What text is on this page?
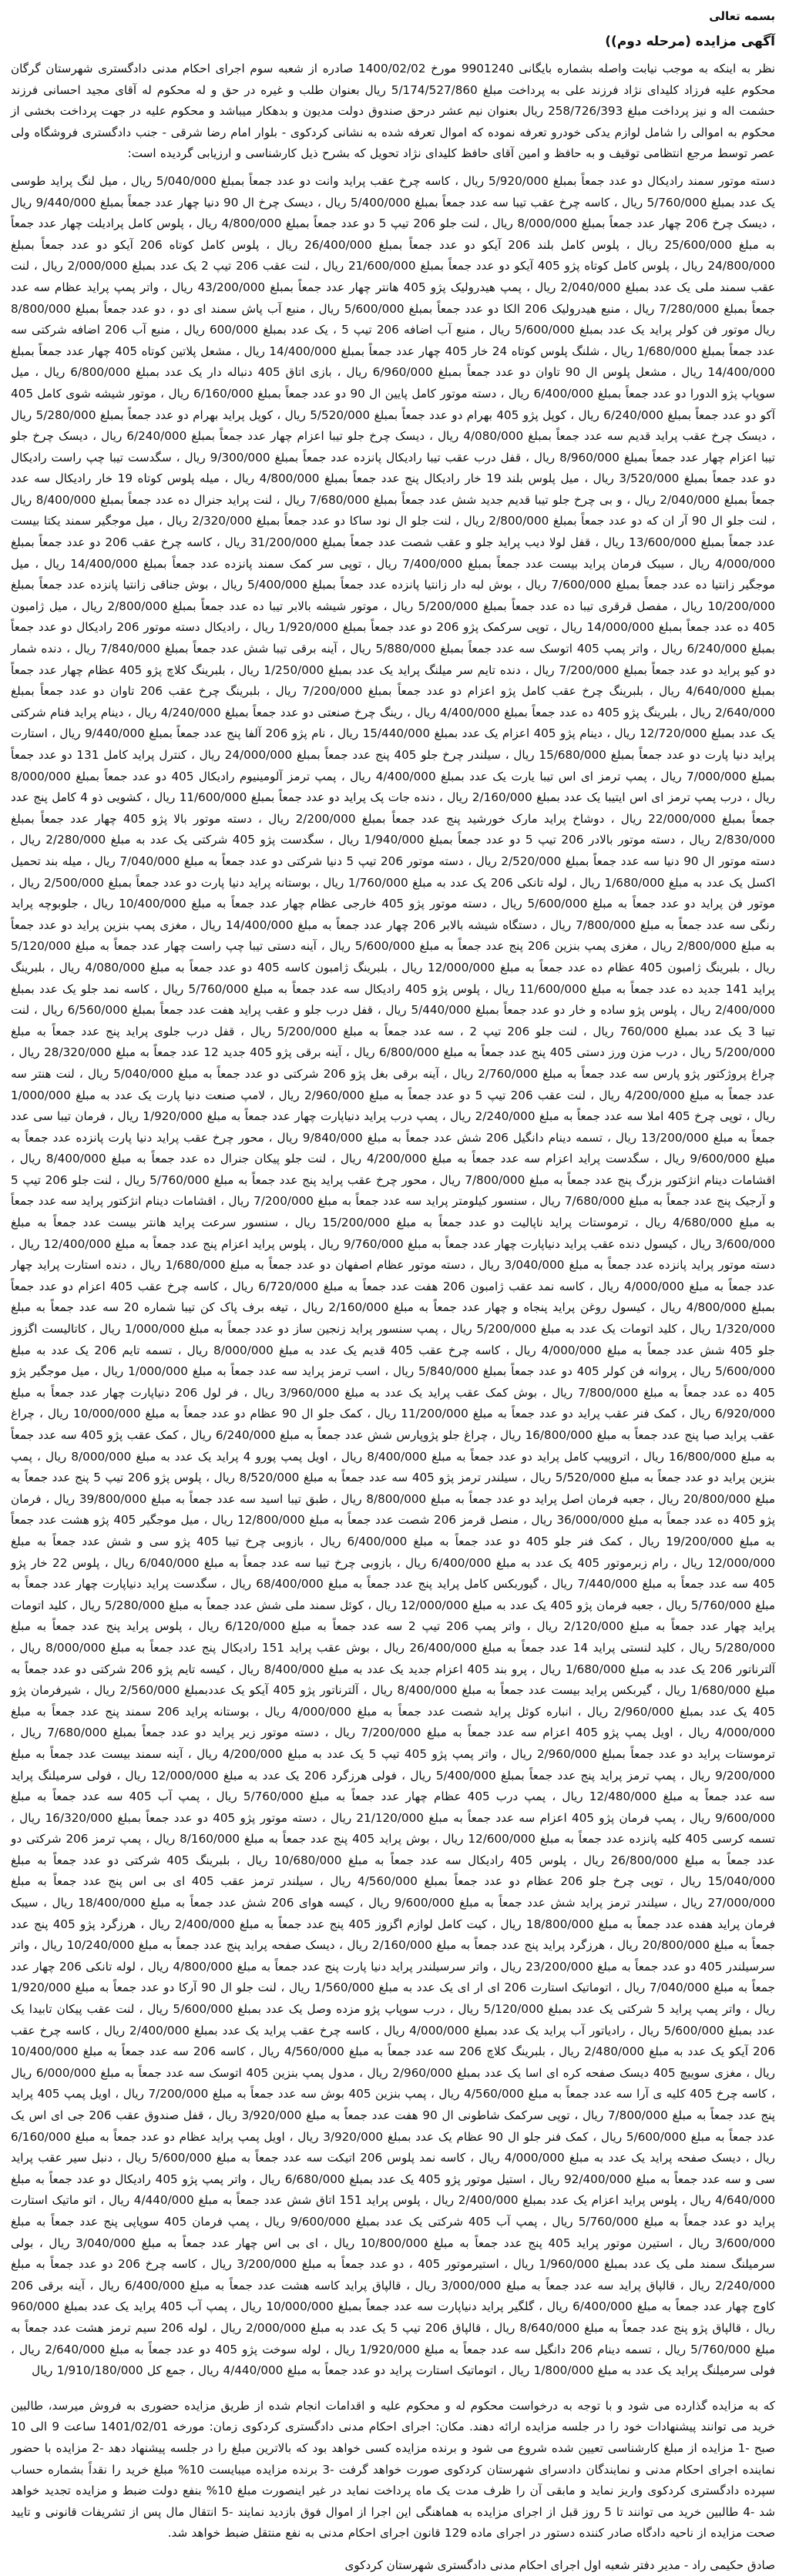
بسمه تعالی
آگهی مزایده (مرحله دوم))

نظر به اینکه به موجب نیابت واصله بشماره بایگانی 9901240 مورخ 1400/02/02 صادره از شعبه سوم اجرای احکام مدنی دادگستری شهرستان گرگان محکوم علیه فرزاد کلیدای نژاد فرزند علی به پرداخت مبلغ 5/174/527/860 ریال بعنوان طلب و غیره در حق و له محکوم له آقای مجید احسانی فرزند حشمت اله و نیز پرداخت مبلغ 258/726/393 ریال بعنوان نیم عشر درحق صندوق دولت مدیون و بدهکار میباشد و محکوم علیه در جهت پرداخت بخشی از محکوم به اموالی را شامل لوازم یدکی خودرو تعرفه نموده که اموال تعرفه شده به نشانی کردکوی - بلوار امام رضا شرقی - جنب دادگستری فروشگاه ولی عصر توسط مرجع انتظامی توقیف و به حافظ و امین آقای حافظ کلیدای نژاد تحویل که بشرح ذیل کارشناسی و ارزیابی گردیده است:

دسته موتور سمند رادیکال دو عدد جمعاً بمبلغ 5/920/000 ریال ، کاسه چرخ عقب پراید وانت دو عدد جمعاً بمبلغ 5/040/000 ریال ، میل لنگ پراید طوسی یک عدد بمبلغ 5/760/000 ریال ، کاسه چرخ عقب تیبا سه عدد جمعاً بمبلغ 5/400/000 ریال ، دیسک چرخ ال 90 دنیا چهار عدد جمعاً بمبلغ 9/440/000 ریال ، دیسک چرخ 206 چهار عدد جمعاً بمبلغ 8/000/000 ریال ، لنت جلو 206 تیپ 5 دو عدد جمعاً بمبلغ 4/800/000 ریال ، پلوس کامل پرادیلت چهار عدد جمعاً به مبلغ 25/600/000 ریال ، پلوس کامل بلند 206 آیکو دو عدد جمعاً بمبلغ 26/400/000 ریال ، پلوس کامل کوتاه 206 آیکو دو عدد جمعاً بمبلغ 24/800/000 ریال ، پلوس کامل کوتاه پژو 405 آیکو دو عدد جمعاً بمبلغ 21/600/000 ریال ، لنت عقب 206 تیپ 2 یک عدد بمبلغ 2/000/000 ریال ، لنت عقب سمند ملی یک عدد بمبلغ 2/040/000 ریال ، پمپ هیدرولیک پژو 405 هانتر چهار عدد جمعاً بمبلغ 43/200/000 ریال ، واتر پمپ پراید عظام سه عدد جمعاً بمبلغ 7/280/000 ریال ، منبع هیدرولیک 206 الکا دو عدد جمعاً بمبلغ 5/600/000 ریال ، منبع آب پاش سمند ای دو ، دو عدد جمعاً بمبلغ 8/800/000 ریال موتور فن کولر پراید یک عدد بمبلغ 5/600/000 ریال ، منبع آب اضافه 206 تیپ 5 ، یک عدد بمبلغ 600/000 ریال ، منبع آب 206 اضافه شرکتی سه عدد جمعاً بمبلغ 1/680/000 ریال ، شلنگ پلوس کوتاه 24 خار 405 چهار عدد جمعاً بمبلغ 14/400/000 ریال ، مشعل پلاتین کوتاه 405 چهار عدد جمعاً بمبلغ 14/400/000 ریال ، مشعل پلوس ال 90 تاوان دو عدد جمعاً بمبلغ 6/960/000 ریال ، بازی اتاق 405 دنباله دار یک عدد بمبلغ 6/800/000 ریال ، میل سوپاپ پژو الدورا دو عدد جمعاً بمبلغ 6/400/000 ریال ، دسته موتور کامل پایین ال 90 دو عدد جمعاً بمبلغ 6/160/000 ریال ، موتور شیشه شوی کامل 405 آکو دو عدد جمعاً بمبلغ 6/240/000 ریال ، کوپل پژو 405 بهرام دو عدد جمعاً بمبلغ 5/520/000 ریال ، کوپل پراید بهرام دو عدد جمعاً بمبلغ 5/280/000 ریال ، دیسک چرخ عقب پراید قدیم سه عدد جمعاً بمبلغ 4/080/000 ریال ، دیسک چرخ جلو تیبا اعزام چهار عدد جمعاً بمبلغ 6/240/000 ریال ، دیسک چرخ جلو تیبا اعزام چهار عدد جمعاً بمبلغ 8/960/000 ریال ، قفل درب عقب تیبا رادیکال پانزده عدد جمعاً بمبلغ 9/300/000 ریال ، سگدست تیبا چپ راست رادیکال دو عدد جمعاً بمبلغ 3/520/000 ریال ، میل پلوس بلند 19 خار رادیکال پنج عدد جمعاً بمبلغ 4/800/000 ریال ، میله پلوس کوتاه 19 خار رادیکال سه عدد جمعاً بمبلغ 2/040/000 ریال ، و بی چرخ جلو تیبا قدیم جدید شش عدد جمعاً بمبلغ 7/680/000 ریال ، لنت پراید جنرال ده عدد جمعاً بمبلغ 8/400/000 ریال ، لنت جلو ال 90 آر ان که دو عدد جمعاً بمبلغ 2/800/000 ریال ، لنت جلو ال نود ساکا دو عدد جمعاً بمبلغ 2/320/000 ریال ، میل موجگیر سمند یکتا بیست عدد جمعاً بمبلغ 13/600/000 ریال ، قفل لولا دیب پراید جلو و عقب شصت عدد جمعاً بمبلغ 31/200/000 ریال ، کاسه چرخ عقب 206 دو عدد جمعاً بمبلغ 4/000/000 ریال ، سیبک فرمان پراید بیست عدد جمعاً بمبلغ 7/400/000 ریال ، توپی سر کمک سمند پانزده عدد جمعاً بمبلغ 14/400/000 ریال ، میل موجگیر زانتیا ده عدد جمعاً بمبلغ 7/600/000 ریال ، بوش لبه دار زانتیا پانزده عدد جمعاً بمبلغ 5/400/000 ریال ، بوش جناقی زانتیا پانزده عدد جمعاً بمبلغ 10/200/000 ریال ، مفصل قرقری تیبا ده عدد جمعاً بمبلغ 5/200/000 ریال ، موتور شیشه بالابر تیبا ده عدد جمعاً بمبلغ 2/800/000 ریال ، میل ژامبون 405 ده عدد جمعاً بمبلغ 14/000/000 ریال ، توپی سرکمک پژو 206 دو عدد جمعاً بمبلغ 1/920/000 ریال ، رادیکال دسته موتور 206 رادیکال دو عدد جمعاً بمبلغ 6/240/000 ریال ، واتر پمپ 405 اتوسک سه عدد جمعاً بمبلغ 5/880/000 ریال ، آینه برقی تیبا شش عدد جمعاً بمبلغ 7/840/000 ریال ، دنده شمار دو کیو پراید دو عدد جمعاً بمبلغ 7/200/000 ریال ، دنده تایم سر میلنگ پراید یک عدد بمبلغ 1/250/000 ریال ، بلبرینگ کلاچ پژو 405 عظام چهار عدد جمعاً بمبلغ 4/640/000 ریال ، بلبرینگ چرخ عقب کامل پژو اعزام دو عدد جمعاً بمبلغ 7/200/000 ریال ، بلبرینگ چرخ عقب 206 تاوان دو عدد جمعاً بمبلغ 2/640/000 ریال ، بلبرینگ پژو 405 ده عدد جمعاً بمبلغ 4/400/000 ریال ، رینگ چرخ صنعتی دو عدد جمعاً بمبلغ 4/240/000 ریال ، دینام پراید فنام شرکتی یک عدد بمبلغ 12/720/000 ریال ، دینام پژو 405 اعزام یک عدد بمبلغ 15/440/000 ریال ، نام پژو 206 آلفا پنج عدد جمعاً بمبلغ 9/440/000 ریال ، استارت پراید دنیا پارت دو عدد جمعاً بمبلغ 15/680/000 ریال ، سیلندر چرخ جلو 405 پنج عدد جمعاً بمبلغ 24/000/000 ریال ، کنترل پراید کامل 131 دو عدد جمعاً بمبلغ 7/000/000 ریال ، پمپ ترمز ای اس تیبا یارت یک عدد بمبلغ 4/400/000 ریال ، پمپ ترمز آلومینیوم رادیکال 405 دو عدد جمعاً بمبلغ 8/000/000 ریال ، درب پمپ ترمز ای اس ایتیبا یک عدد بمبلغ 2/160/000 ریال ، دنده جات پک پراید دو عدد جمعاً بمبلغ 11/600/000 ریال ، کشویی ذو 4 کامل پنج عدد جمعاً بمبلغ 22/000/000 ریال ، دوشاخ پراید مارک خورشید پنج عدد جمعاً بمبلغ 2/200/000 ریال ، دسته موتور بالا پژو 405 چهار عدد جمعاً بمبلغ 2/830/000 ریال ، دسته موتور بالادر 206 تیپ 5 دو عدد جمعاً بمبلغ 1/940/000 ریال ، سگدست پژو 405 شرکتی یک عدد به مبلغ 2/280/000 ریال ، دسته موتور ال 90 دنیا سه عدد جمعاً بمبلغ 2/520/000 ریال ، دسته موتور 206 تیپ 5 دنیا شرکتی دو عدد جمعاً به مبلغ 7/040/000 ریال ، میله بند تحمیل اکسل یک عدد به مبلغ 1/680/000 ریال ، لوله تانکی 206 یک عدد به مبلغ 1/760/000 ریال ، بوستانه پراید دنیا پارت دو عدد جمعاً بمبلغ 2/500/000 ریال ، موتور فن پراید دو عدد جمعاً به مبلغ 5/600/000 ریال ، دسته موتور پژو 405 خارجی عظام چهار عدد جمعاً به مبلغ 10/400/000 ریال ، جلوبوچه پراید رنگی سه عدد جمعاً به مبلغ 7/800/000 ریال ، دستگاه شیشه بالابر 206 چهار عدد جمعاً به مبلغ 14/400/000 ریال ، مغزی پمپ بنزین پراید دو عدد جمعاً به مبلغ 2/800/000 ریال ، مغزی پمپ بنزین 206 پنج عدد جمعاً به مبلغ 5/600/000 ریال ، آینه دستی تیبا چپ راست چهار عدد جمعاً به مبلغ 5/120/000 ریال ، بلبرینگ ژامبون 405 عظام ده عدد جمعاً به مبلغ 12/000/000 ریال ، بلبرینگ ژامبون کاسه 405 دو عدد جمعاً به مبلغ 4/080/000 ریال ، بلبرینگ پراید 141 جدید ده عدد جمعاً به مبلغ 11/600/000 ریال ، پلوس پژو 405 رادیکال سه عدد جمعاً به مبلغ 5/760/000 ریال ، کاسه نمد جلو یک عدد بمبلغ 2/400/000 ریال ، پلوس پژو ساده و خار دو عدد جمعاً بمبلغ 5/440/000 ریال ، قفل درب جلو و عقب پراید هفت عدد جمعاً بمبلغ 6/560/000 ریال ، لنت تیبا 3 یک عدد بمبلغ 760/000 ریال ، لنت جلو 206 تیپ 2 ، سه عدد جمعاً به مبلغ 5/200/000 ریال ، قفل درب جلوی پراید پنج عدد جمعاً به مبلغ 5/200/000 ریال ، درب مزن ورز دستی 405 پنج عدد جمعاً به مبلغ 6/800/000 ریال ، آینه برقی پژو 405 جدید 12 عدد جمعاً به مبلغ 28/320/000 ریال ، چراغ پروژکتور پژو پارس سه عدد جمعاً به مبلغ 2/760/000 ریال ، آینه برقی بغل پژو 206 شرکتی دو عدد جمعاً به مبلغ 5/040/000 ریال ، لنت هنتر سه عدد جمعاً به مبلغ 4/200/000 ریال ، لنت عقب 206 تیپ 5 دو عدد جمعاً به مبلغ 2/960/000 ریال ، لامپ صنعت دنیا پارت یک عدد به مبلغ 1/000/000 ریال ، توپی چرخ 405 املا سه عدد جمعاً به مبلغ 2/240/000 ریال ، پمپ درب پراید دنیاپارت چهار عدد جمعاً به مبلغ 1/920/000 ریال ، فرمان تیبا سی عدد جمعاً به مبلغ 13/200/000 ریال ، تسمه دینام دانگیل 206 شش عدد جمعاً به مبلغ 9/840/000 ریال ، محور چرخ عقب پراید دنیا پارت پانزده عدد جمعاً به مبلغ 9/600/000 ریال ، سگدست پراید اعزام سه عدد جمعاً به مبلغ 4/200/000 ریال ، لنت جلو پیکان جنرال ده عدد جمعاً به مبلغ 8/400/000 ریال ، اقشامات دینام انژکتور بزرگ پنج عدد جمعاً به مبلغ 7/800/000 ریال ، محور چرخ عقب پراید پنج عدد جمعاً به مبلغ 5/760/000 ریال ، لنت جلو 206 تیپ 5 و آرجیک پنج عدد جمعاً به مبلغ 7/680/000 ریال ، سنسور کیلومتر پراید سه عدد جمعاً به مبلغ 7/200/000 ریال ، اقشامات دینام انژکتور پراید سه عدد جمعاً به مبلغ 4/680/000 ریال ، ترموستات پراید ناپالیت دو عدد جمعاً به مبلغ 15/200/000 ریال ، سنسور سرعت پراید هانتر بیست عدد جمعاً به مبلغ 3/600/000 ریال ، کیسول دنده عقب پراید دنیاپارت چهار عدد جمعاً به مبلغ 9/760/000 ریال ، پلوس پراید اعزام پنج عدد جمعاً به مبلغ 12/400/000 ریال ، دسته موتور پراید پانزده عدد جمعاً به مبلغ 3/040/000 ریال ، دسته موتور عظام اصفهان دو عدد جمعاً به مبلغ 1/680/000 ریال ، دنده استارت پراید چهار عدد جمعاً به مبلغ 4/000/000 ریال ، کاسه نمد عقب ژامبون 206 هفت عدد جمعاً به مبلغ 6/720/000 ریال ، کاسه چرخ عقب 405 اعزام دو عدد جمعاً بمبلغ 4/800/000 ریال ، کیسول روغن پراید پنجاه و چهار عدد جمعاً به مبلغ 2/160/000 ریال ، تیغه برف پاک کن تیبا شماره 20 سه عدد جمعاً به مبلغ 1/320/000 ریال ، کلید اتومات یک عدد به مبلغ 5/200/000 ریال ، پمپ سنسور پراید زنجین ساز دو عدد جمعاً به مبلغ 1/000/000 ریال ، کاتالیست اگزوز جلو 405 شش عدد جمعاً به مبلغ 4/000/000 ریال ، کاسه چرخ عقب 405 قدیم یک عدد به مبلغ 8/000/000 ریال ، تسمه تایم 206 یک عدد به مبلغ 5/600/000 ریال ، پروانه فن کولر 405 دو عدد جمعاً بمبلغ 5/840/000 ریال ، اسب ترمز پراید سه عدد جمعاً به مبلغ 1/000/000 ریال ، میل موجگیر پژو 405 ده عدد جمعاً به مبلغ 7/800/000 ریال ، بوش کمک عقب پراید یک عدد به مبلغ 3/960/000 ریال ، فر لول 206 دنیاپارت چهار عدد جمعاً به مبلغ 6/920/000 ریال ، کمک فنر عقب پراید دو عدد جمعاً به مبلغ 11/200/000 ریال ، کمک جلو ال 90 عظام دو عدد جمعاً به مبلغ 10/000/000 ریال ، چراغ عقب پراید صبا پنج عدد جمعاً به مبلغ 16/800/000 ریال ، چراغ جلو پژوپارس شش عدد جمعاً به مبلغ 6/240/000 ریال ، کمک عقب پژو 405 سه عدد جمعاً به مبلغ 16/800/000 ریال ، اتروپیپ کامل پراید دو عدد جمعاً به مبلغ 8/400/000 ریال ، اویل پمپ پورو 4 پراید یک عدد به مبلغ 8/000/000 ریال ، پمپ بنزین پراید دو عدد جمعاً به مبلغ 5/520/000 ریال ، سیلندر ترمز پژو 405 سه عدد جمعاً به مبلغ 8/520/000 ریال ، پلوس پژو 206 تیپ 5 پنج عدد جمعاً به مبلغ 20/800/000 ریال ، جعبه فرمان اصل پراید دو عدد جمعاً به مبلغ 8/800/000 ریال ، طبق تیبا اسید سه عدد جمعاً به مبلغ 39/800/000 ریال ، فرمان پژو 405 ده عدد جمعاً به مبلغ 36/000/000 ریال ، منصل قرمز 206 شصت عدد جمعاً به مبلغ 12/800/000 ریال ، میل موجگیر 405 پژو هشت عدد جمعاً به مبلغ 19/200/000 ریال ، کمک فنر جلو 405 دو عدد جمعاً به مبلغ 6/400/000 ریال ، بازوبی چرخ تیبا 405 پژو سی و شش عدد جمعاً به مبلغ 12/000/000 ریال ، رام زبرموتور 405 یک عدد به مبلغ 6/400/000 ریال ، بازوبی چرخ تیبا سه عدد جمعاً به مبلغ 6/040/000 ریال ، پلوس 22 خار پژو 405 سه عدد جمعاً به مبلغ 7/440/000 ریال ، گیوربکس کامل پراید پنج عدد جمعاً به مبلغ 68/400/000 ریال ، سگدست پراید دنیاپارت چهار عدد جمعاً به مبلغ 5/760/000 ریال ، جعبه فرمان پژو 405 یک عدد به مبلغ 12/000/000 ریال ، کوئل سمند ملی شش عدد جمعاً به مبلغ 5/280/000 ریال ، کلید اتومات پراید چهار عدد جمعاً به مبلغ 2/120/000 ریال ، واتر پمپ 206 تیپ 2 سه عدد جمعاً به مبلغ 6/120/000 ریال ، پلوس پراید پنج عدد جمعاً به مبلغ 5/280/000 ریال ، کلید لنستی پراید 14 عدد جمعاً به مبلغ 26/400/000 ریال ، بوش عقب پراید 151 رادیکال پنج عدد جمعاً به مبلغ 8/000/000 ریال ، آلترناتور 206 یک عدد به مبلغ 1/680/000 ریال ، پرو بند 405 اعزام جدید یک عدد به مبلغ 8/400/000 ریال ، کیسه تایم پژو 206 شرکتی دو عدد جمعاً به مبلغ 1/680/000 ریال ، گیربکس پراید بیست عدد جمعاً به مبلغ 8/400/000 ریال ، آلترناتور پژو 405 آیکو یک عددبمبلغ 2/560/000 ریال ، شیرفرمان پژو 405 یک عدد بمبلغ 2/960/000 ریال ، انباره کوئل پراید شصت عدد جمعاً به مبلغ 4/000/000 ریال ، بوستانه پراید 206 سمند پنج عدد جمعاً به مبلغ 4/000/000 ریال ، اویل پمپ پژو 405 اعزام سه عدد جمعاً به مبلغ 7/200/000 ریال ، دسته موتور زیر پراید دو عدد جمعاً بمبلغ 7/680/000 ریال ، ترموستات پراید دو عدد جمعاً بمبلغ 2/960/000 ریال ، واتر پمپ پژو 405 تیپ 5 یک عدد به مبلغ 4/200/000 ریال ، آینه سمند بیست عدد جمعاً به مبلغ 9/200/000 ریال ، پمپ ترمز پراید پنج عدد جمعاً بمبلغ 5/400/000 ریال ، فولی هرزگرد 206 یک عدد به مبلغ 12/000/000 ریال ، فولی سرمیلنگ پراید سه عدد جمعاً به مبلغ 12/480/000 ریال ، پمپ درب 405 عظام چهار عدد جمعاً به مبلغ 5/760/000 ریال ، پمپ آب 405 سه عدد جمعاً به مبلغ 9/600/000 ریال ، پمپ فرمان پژو 405 اعزام سه عدد جمعاً به مبلغ 21/120/000 ریال ، دسته موتور پژو 405 دو عدد جمعاً بمبلغ 16/320/000 ریال ، تسمه کرسی 405 کلیه پانزده عدد جمعاً به مبلغ 12/600/000 ریال ، بوش پراید 405 پنج عدد جمعاً به مبلغ 8/160/000 ریال ، پمپ ترمز 206 شرکتی دو عدد جمعاً به مبلغ 26/800/000 ریال ، پلوس 405 رادیکال سه عدد جمعاً به مبلغ 10/680/000 ریال ، بلبرینگ 405 شرکتی دو عدد جمعاً به مبلغ 15/040/000 ریال ، توپی چرخ جلو 206 عظام دو عدد جمعاً بمبلغ 4/560/000 ریال ، سیلندر ترمز عقب 405 ای بی اس پنج عدد جمعاً به مبلغ 27/000/000 ریال ، سیلندر ترمز پراید شش عدد جمعاً به مبلغ 9/600/000 ریال ، کیسه هوای 206 شش عدد جمعاً به مبلغ 18/400/000 ریال ، سیبک فرمان پراید هفده عدد جمعاً به مبلغ 18/800/000 ریال ، کیت کامل لوازم اگزوز 405 پنج عدد جمعاً به مبلغ 2/400/000 ریال ، هرزگرد پژو 405 پنج عدد جمعاً به مبلغ 20/800/000 ریال ، هرزگرد پراید پنج عدد جمعاً به مبلغ 2/160/000 ریال ، دیسک صفحه پراید پنج عدد جمعاً به مبلغ 10/240/000 ریال ، واتر سرسیلندر 405 دو عدد جمعاً به مبلغ 23/200/000 ریال ، واتر سرسیلندر پراید دنیا پارت پنج عدد جمعاً به مبلغ 4/800/000 ریال ، لوله تانکی 206 چهار عدد جمعاً به مبلغ 7/040/000 ریال ، اتوماتیک استارت 206 ای ار ای یک عدد به مبلغ 1/560/000 ریال ، لنت جلو ال 90 آرکا دو عدد جمعاً به مبلغ 1/920/000 ریال ، واتر پمپ پراید 5 شرکتی یک عدد بمبلغ 5/120/000 ریال ، درب سوپاپ پژو مزده وصل یک عدد بمبلغ 5/600/000 ریال ، لنت عقب پیکان تابیدا یک عدد بمبلغ 5/600/000 ریال ، رادیاتور آب پراید یک عدد بمبلغ 4/000/000 ریال ، کاسه چرخ عقب پراید یک عدد بمبلغ 2/400/000 ریال ، کاسه چرخ عقب 206 آیکو یک عدد به مبلغ 2/480/000 ریال ، بلبرینگ کلاچ 206 سه عدد جمعاً به مبلغ 4/560/000 ریال ، کاسه 206 سه عدد جمعاً به مبلغ 10/400/000 ریال ، مغزی سوییچ 405 دیسک صفحه کره ای اسا یک عدد بمبلغ 2/960/000 ریال ، مدول پمپ بنزین 405 اتوسک سه عدد جمعاً به مبلغ 6/000/000 ریال ، کاسه چرخ 405 کلیه ی آرا سه عدد جمعاً به مبلغ 4/560/000 ریال ، پمپ بنزین 405 بوش سه عدد جمعاً به مبلغ 7/200/000 ریال ، اویل پمپ 405 پراید پنج عدد جمعاً به مبلغ 7/800/000 ریال ، توپی سرکمک شاطونی ال 90 هفت عدد جمعاً به مبلغ 3/920/000 ریال ، قفل صندوق عقب 206 جی ای اس یک عدد جمعاً به مبلغ 5/600/000 ریال ، کمک فنر جلو ال 90 عظام یک عدد بمبلغ 3/920/000 ریال ، اویل پمپ پراید عظام دو عدد جمعاً به مبلغ 6/160/000 ریال ، دیسک صفحه پراید یک عدد به مبلغ 4/000/000 ریال ، کاسه نمد پلوس 206 اتیکت سه عدد جمعاً به مبلغ 5/600/000 ریال ، دنبل سیر عقب پراید سی و سه عدد جمعاً به مبلغ 92/400/000 ریال ، استیل موتور پژو 405 یک عدد بمبلغ 6/680/000 ریال ، واتر پمپ پژو 405 رادیکال دو عدد جمعاً به مبلغ 4/640/000 ریال ، پلوس پراید اعزام یک عدد بمبلغ 2/400/000 ریال ، پلوس پراید 151 اتاق شش عدد جمعاً به مبلغ 4/440/000 ریال ، اتو ماتیک استارت پراید دو عدد جمعاً به مبلغ 5/760/000 ریال ، پمپ آب 405 شرکتی یک عدد بمبلغ 9/600/000 ریال ، پمپ فرمان 405 سوپاپی پنج عدد جمعاً به مبلغ 3/600/000 ریال ، استیرن موتور پراید 405 پنج عدد جمعاً به مبلغ 10/800/000 ریال ، ای بی اس چهار عدد جمعاً به مبلغ 3/040/000 ریال ، بولی سرمیلنگ سمند ملی یک عدد بمبلغ 1/960/000 ریال ، استیرموتور 405 ، دو عدد جمعاً به مبلغ 3/200/000 ریال ، کاسه چرخ 206 دو عدد جمعاً به مبلغ 2/240/000 ریال ، قالپاق پراید سه عدد جمعاً به مبلغ 3/000/000 ریال ، قالپاق پراید کاسه هشت عدد جمعاً به مبلغ 6/400/000 ریال ، آینه برقی 206 کاوج چهار عدد جمعاً به مبلغ 6/400/000 ریال ، گلگیر پراید دنیاپارت سه عدد جمعاً بمبلغ 10/000/000 ریال ، پمپ آب 405 پراید یک عدد بمبلغ 960/000 ریال ، قالپاق پژو پنج عدد جمعاً به مبلغ 8/640/000 ریال ، قالپاق 206 تیپ 5 یک عدد به مبلغ 2/000/000 ریال ، لوله 206 سیم ترمز هشت عدد جمعاً به مبلغ 5/760/000 ریال ، تسمه دینام 206 دانگیل سه عدد جمعاً به مبلغ 1/920/000 ریال ، لوله سوخت پژو 405 دو عدد جمعاً به مبلغ 2/640/000 ریال ، فولی سرمیلنگ پراید یک عدد به مبلغ 1/800/000 ریال ، اتوماتیک استارت پراید دو عدد جمعاً به مبلغ 4/440/000 ریال ، جمع کل 1/910/180/000 ریال

که به مزایده گذارده می شود و با توجه به درخواست محکوم له و محکوم علیه و اقدامات انجام شده از طریق مزایده حضوری به فروش میرسد، طالبین خرید می توانند پیشنهادات خود را در جلسه مزایده ارائه دهند. مکان: اجرای احکام مدنی دادگستری کردکوی زمان: مورخه 1401/02/01 ساعت 9 الی 10 صبح -1 مزایده از مبلغ کارشناسی تعیین شده شروع می شود و برنده مزایده کسی خواهد بود که بالاترین مبلغ را در جلسه پیشنهاد دهد -2 مزایده با حضور نماینده اجرای احکام مدنی و نمایندگان دادسرای شهرستان کردکوی صورت خواهد گرفت -3 برنده مزایده میبایست 10% مبلغ خرید را نقداً بشماره حساب سپرده دادگستری کردکوی واریز نماید و مابقی آن را ظرف مدت یک ماه پرداخت نماید در غیر اینصورت مبلغ 10% بنفع دولت ضبط و مزایده تجدید خواهد شد -4 طالبین خرید می توانند تا 5 روز قبل از اجرای مزایده به هماهنگی این اجرا از اموال فوق بازدید نمایند -5 انتقال مال پس از تشریفات قانونی و تایید صحت مزایده از ناحیه دادگاه صادر کننده دستور در اجرای ماده 129 قانون اجرای احکام مدنی به نفع منتقل ضبط خواهد شد.

صادق حکیمی راد - مدیر دفتر شعبه اول اجرای احکام مدنی دادگستری شهرستان کردکوی
